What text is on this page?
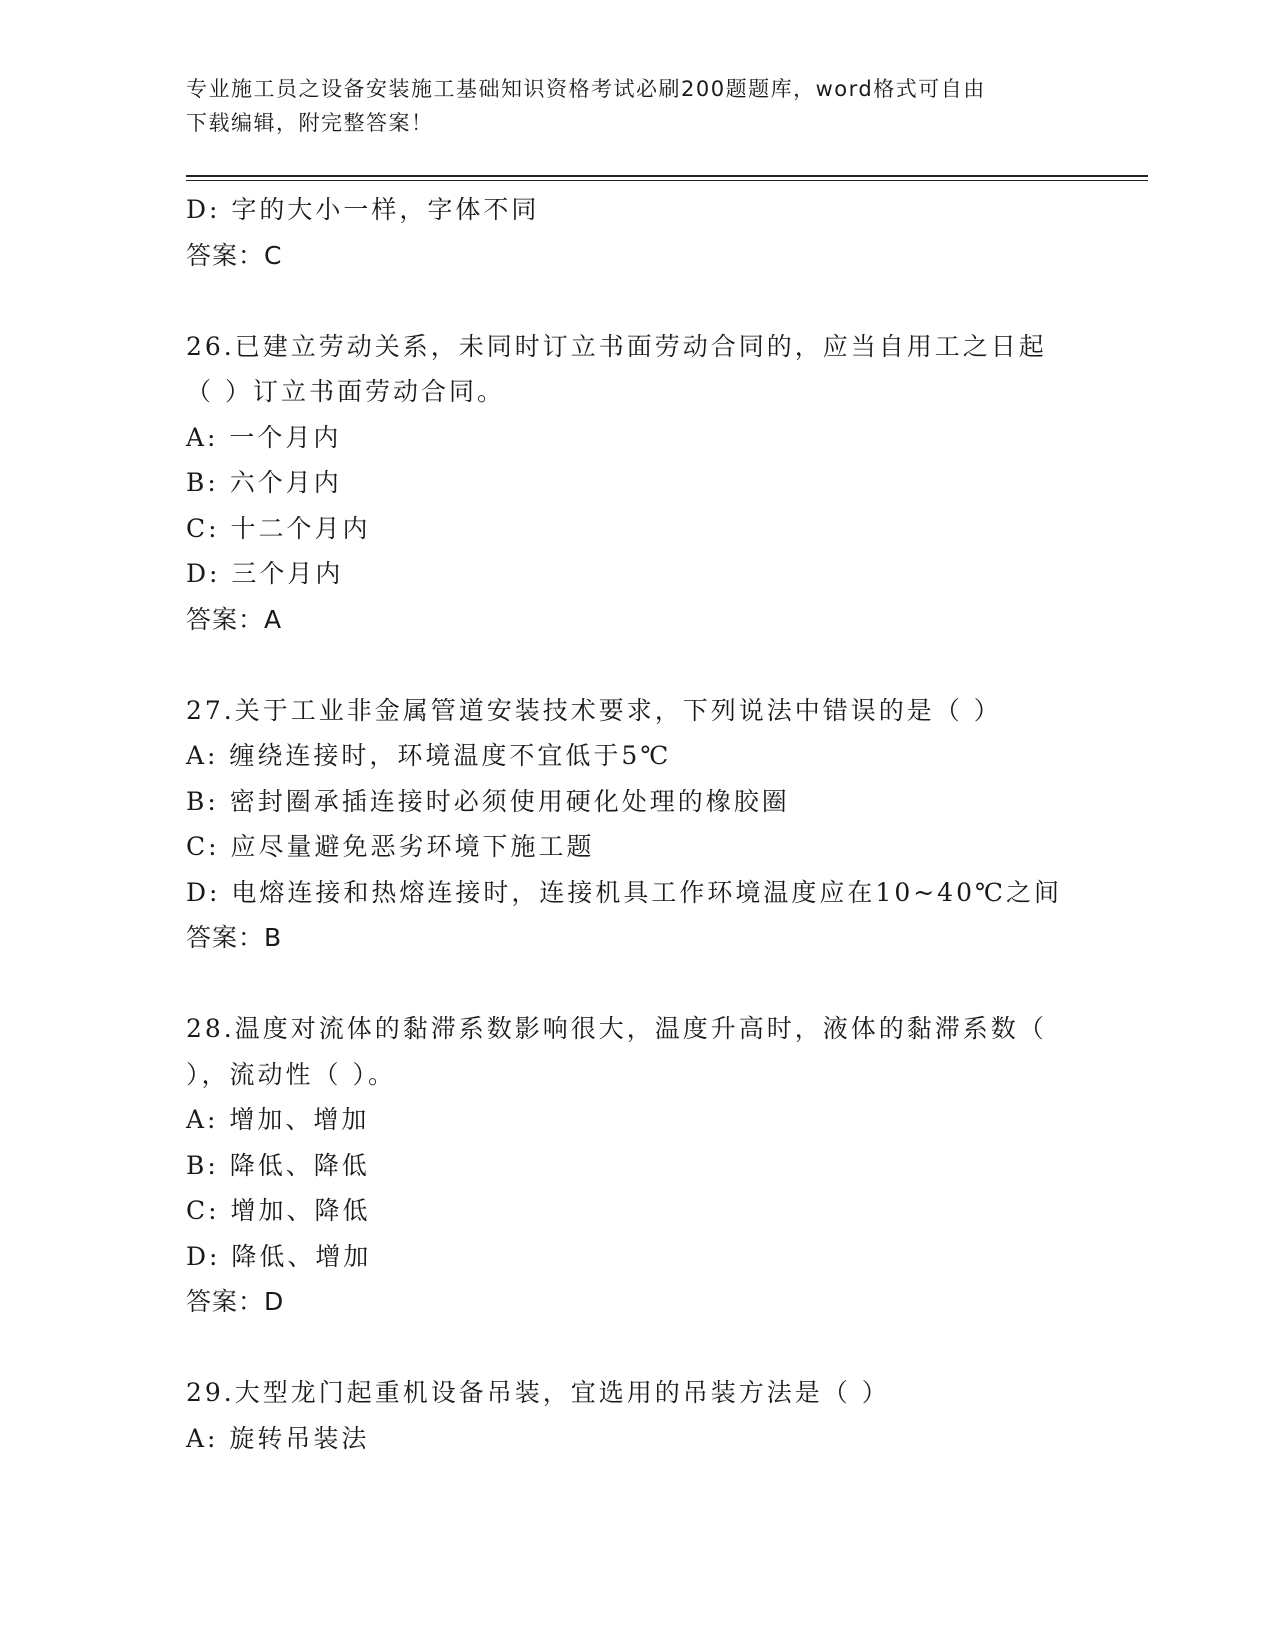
专业施工员之设备安装施工基础知识资格考试必刷200题题库，word格式可自由
下载编辑，附完整答案！
D: 字的大小一样，字体不同
答案：C
26.已建立劳动关系，未同时订立书面劳动合同的，应当自用工之日起
（ ）订立书面劳动合同。
A: 一个月内
B: 六个月内
C: 十二个月内
D: 三个月内
答案：A
27.关于工业非金属管道安装技术要求，下列说法中错误的是（ ）
A: 缠绕连接时，环境温度不宜低于5℃
B: 密封圈承插连接时必须使用硬化处理的橡胶圈
C: 应尽量避免恶劣环境下施工题
D: 电熔连接和热熔连接时，连接机具工作环境温度应在10~40℃之间
答案：B
28.温度对流体的黏滞系数影响很大，温度升高时，液体的黏滞系数（
），流动性（ ）。
A: 增加、增加
B: 降低、降低
C: 增加、降低
D: 降低、增加
答案：D
29.大型龙门起重机设备吊装，宜选用的吊装方法是（ ）
A: 旋转吊装法
